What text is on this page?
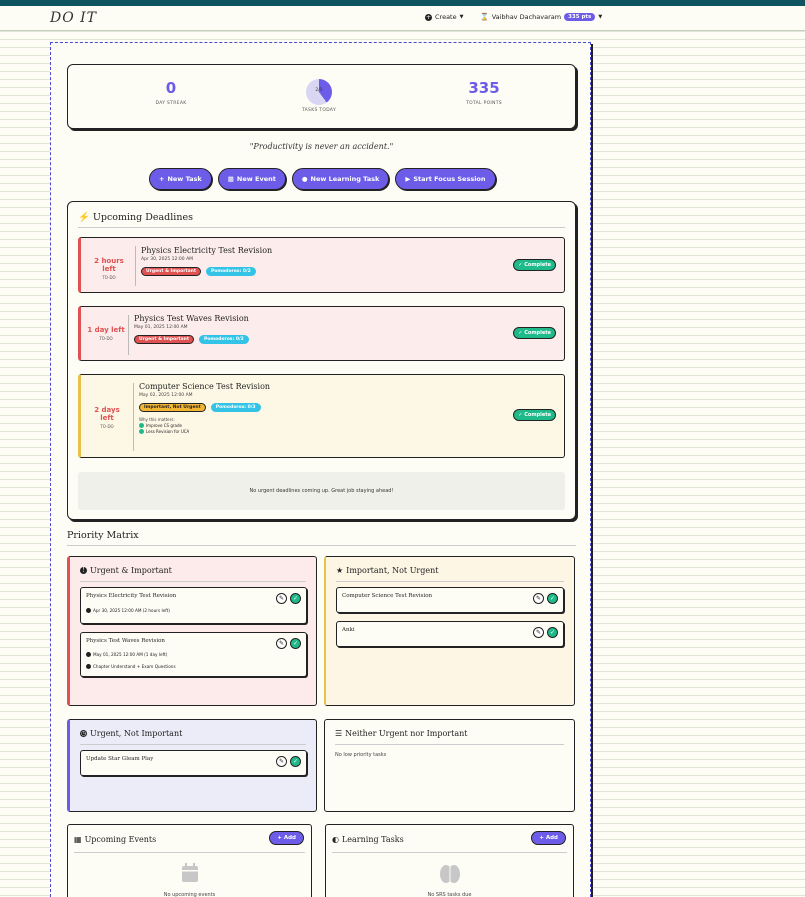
DO IT	+ Create ▼ ⌛ Vaibhav Dachavaram	335 pts	▼
0
DAY STREAK
2/5
TASKS TODAY
335
TOTAL POINTS
"Productivity is never an accident."
+ New Task	▦ New Event	● New Learning Task	▶ Start Focus Session
⚡ Upcoming Deadlines
2 hours left
TO-DO
Physics Electricity Test Revision
Apr 30, 2025 12:00 AM
Urgent & Important	Pomodoros: 0/2
✓ Complete
1 day left
TO-DO
Physics Test Waves Revision
May 01, 2025 12:00 AM
Urgent & Important	Pomodoros: 0/2
✓ Complete
2 days left
TO-DO
Computer Science Test Revision
May 02, 2025 12:00 AM
Important, Not Urgent	Pomodoros: 0/3
Why this matters:
Improve CS grade
Less Revision for UCA
✓ Complete
No urgent deadlines coming up. Great job staying ahead!
Priority Matrix
! Urgent & Important
Physics Electricity Test Revision
Apr 30, 2025 12:00 AM (2 hours left)
✎	✓
Physics Test Waves Revision
May 01, 2025 12:00 AM (1 day left)
Chapter Understand + Exam Questions
✎	✓
★ Important, Not Urgent
Computer Science Test Revision	✎	✓
Anki	✎	✓
◷ Urgent, Not Important
Update Star Gleam Play	✎	✓
☰ Neither Urgent nor Important
No low priority tasks
▦ Upcoming Events	+ Add
No upcoming events
◐ Learning Tasks	+ Add
No SRS tasks due
